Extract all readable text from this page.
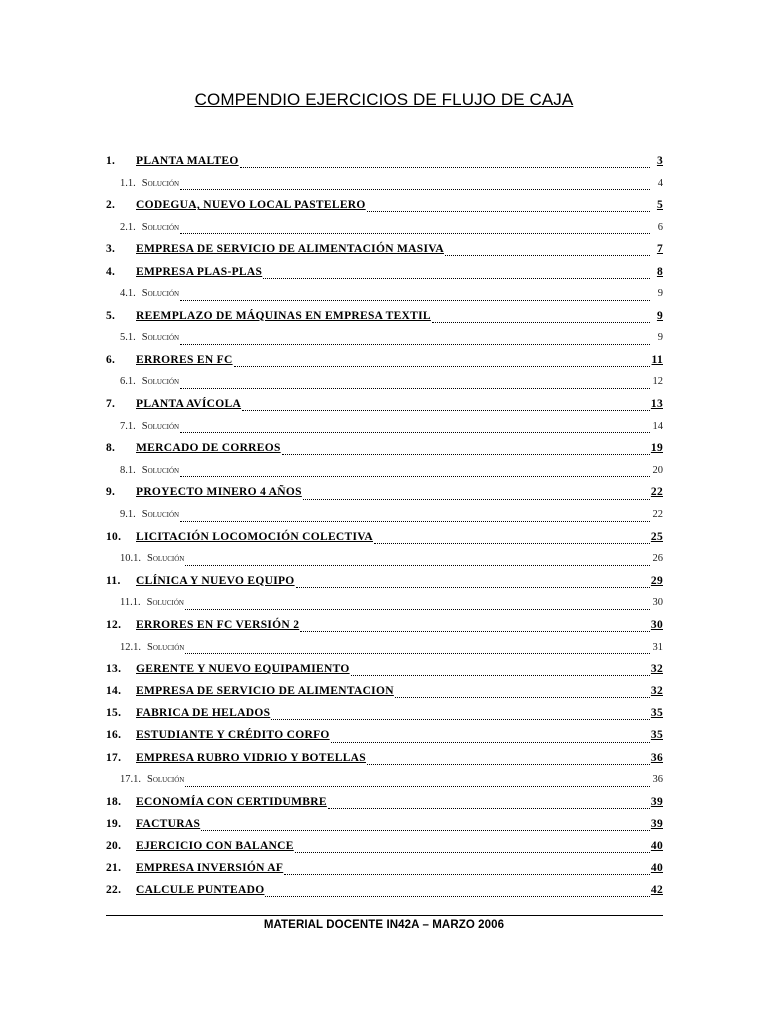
COMPENDIO EJERCICIOS DE FLUJO DE CAJA
1. PLANTA MALTEO	3
1.1. Solución	4
2. CODEGUA, NUEVO LOCAL PASTELERO	5
2.1. Solución	6
3. EMPRESA DE SERVICIO DE ALIMENTACIÓN MASIVA	7
4. EMPRESA PLAS-PLAS	8
4.1. Solución	9
5. REEMPLAZO DE MÁQUINAS EN EMPRESA TEXTIL	9
5.1. Solución	9
6. ERRORES EN FC	11
6.1. Solución	12
7. PLANTA AVÍCOLA	13
7.1. Solución	14
8. MERCADO DE CORREOS	19
8.1. Solución	20
9. PROYECTO MINERO 4 AÑOS	22
9.1. Solución	22
10. LICITACIÓN LOCOMOCIÓN COLECTIVA	25
10.1. Solución	26
11. CLÍNICA Y NUEVO EQUIPO	29
11.1. Solución	30
12. ERRORES EN FC VERSIÓN 2	30
12.1. Solución	31
13. GERENTE Y NUEVO EQUIPAMIENTO	32
14. EMPRESA DE SERVICIO DE ALIMENTACION	32
15. FABRICA DE HELADOS	35
16. ESTUDIANTE Y CRÉDITO CORFO	35
17. EMPRESA RUBRO VIDRIO Y BOTELLAS	36
17.1. Solución	36
18. ECONOMÍA CON CERTIDUMBRE	39
19. FACTURAS	39
20. EJERCICIO CON BALANCE	40
21. EMPRESA INVERSIÓN AF	40
22. CALCULE PUNTEADO	42
MATERIAL DOCENTE IN42A – MARZO 2006
